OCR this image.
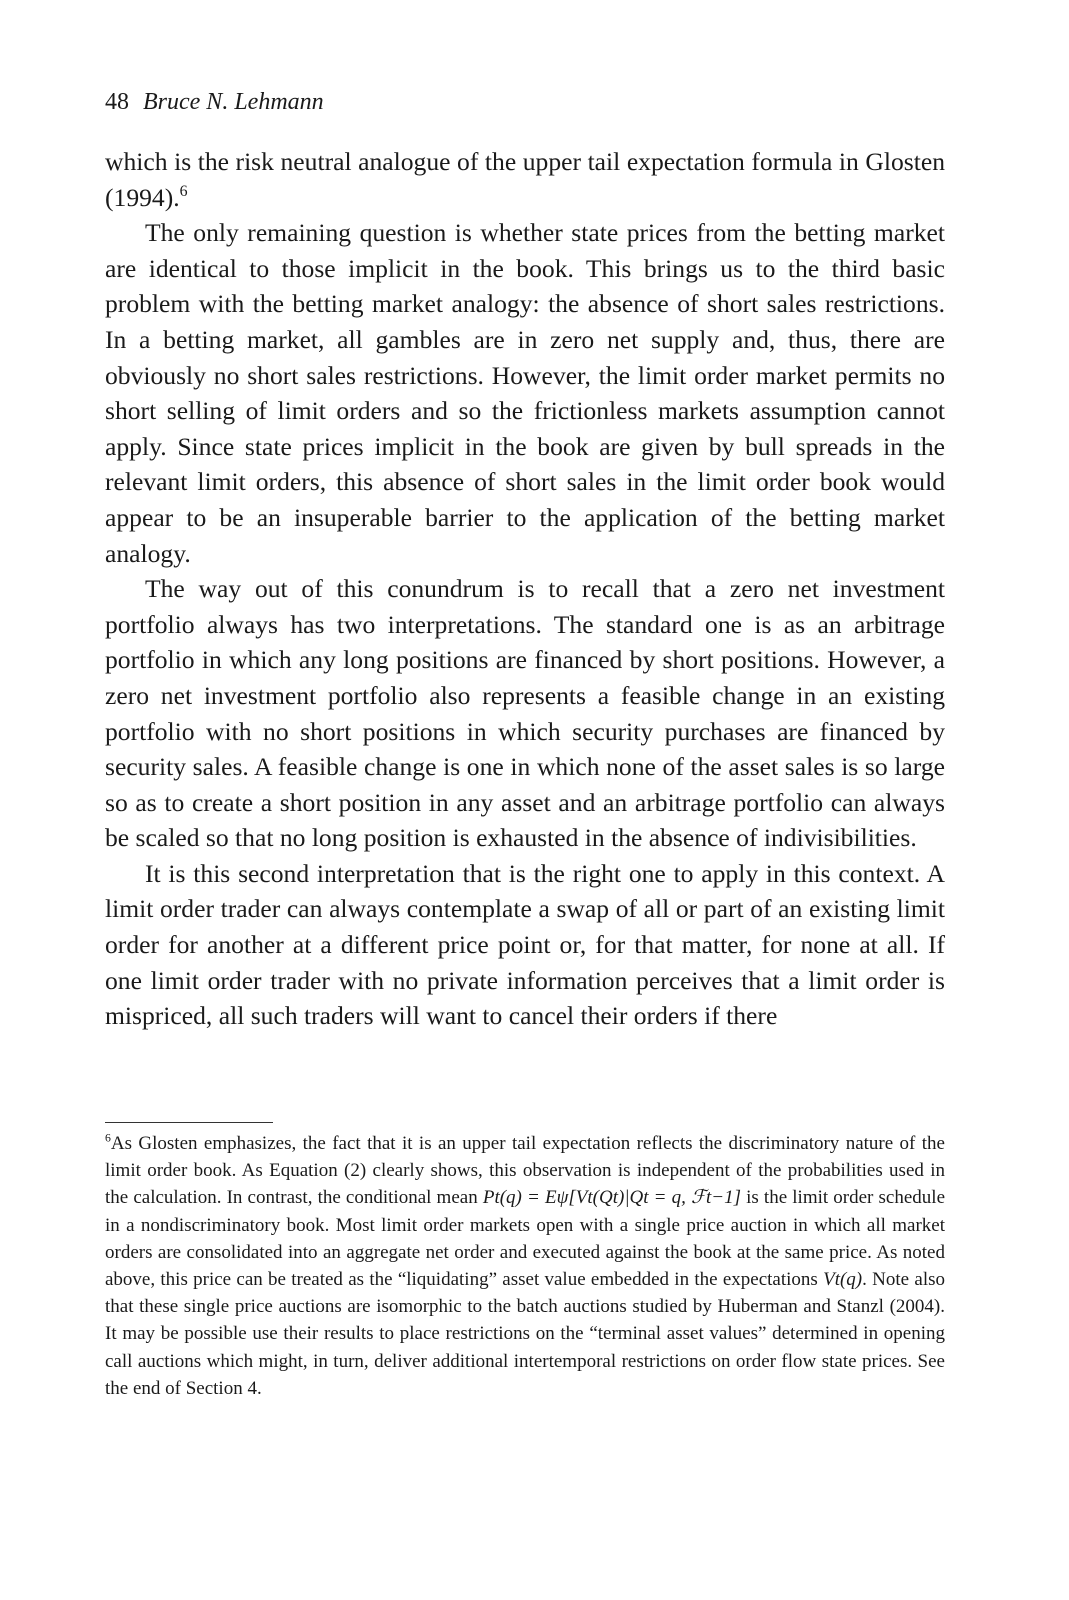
48 Bruce N. Lehmann

which is the risk neutral analogue of the upper tail expectation formula in Glosten (1994).$^6$

The only remaining question is whether state prices from the betting market are identical to those implicit in the book. This brings us to the third basic problem with the betting market analogy: the absence of short sales restrictions. In a betting market, all gambles are in zero net supply and, thus, there are obviously no short sales restrictions. However, the limit order market permits no short selling of limit orders and so the frictionless markets assumption cannot apply. Since state prices implicit in the book are given by bull spreads in the relevant limit orders, this absence of short sales in the limit order book would appear to be an insuperable barrier to the application of the betting market analogy.

The way out of this conundrum is to recall that a zero net investment portfolio always has two interpretations. The standard one is as an arbitrage portfolio in which any long positions are financed by short positions. However, a zero net investment portfolio also represents a feasible change in an existing portfolio with no short positions in which security purchases are financed by security sales. A feasible change is one in which none of the asset sales is so large so as to create a short position in any asset and an arbitrage portfolio can always be scaled so that no long position is exhausted in the absence of indivisibilities.

It is this second interpretation that is the right one to apply in this context. A limit order trader can always contemplate a swap of all or part of an existing limit order for another at a different price point or, for that matter, for none at all. If one limit order trader with no private information perceives that a limit order is mispriced, all such traders will want to cancel their orders if there

$^6$As Glosten emphasizes, the fact that it is an upper tail expectation reflects the discriminatory nature of the limit order book. As Equation (2) clearly shows, this observation is independent of the probabilities used in the calculation. In contrast, the conditional mean Pt(q) = Eψ[Vt(Qt)|Qt = q, ℱt−1] is the limit order schedule in a nondiscriminatory book. Most limit order markets open with a single price auction in which all market orders are consolidated into an aggregate net order and executed against the book at the same price. As noted above, this price can be treated as the “liquidating” asset value embedded in the expectations Vt(q). Note also that these single price auctions are isomorphic to the batch auctions studied by Huberman and Stanzl (2004). It may be possible use their results to place restrictions on the “terminal asset values” determined in opening call auctions which might, in turn, deliver additional intertemporal restrictions on order flow state prices. See the end of Section 4.
